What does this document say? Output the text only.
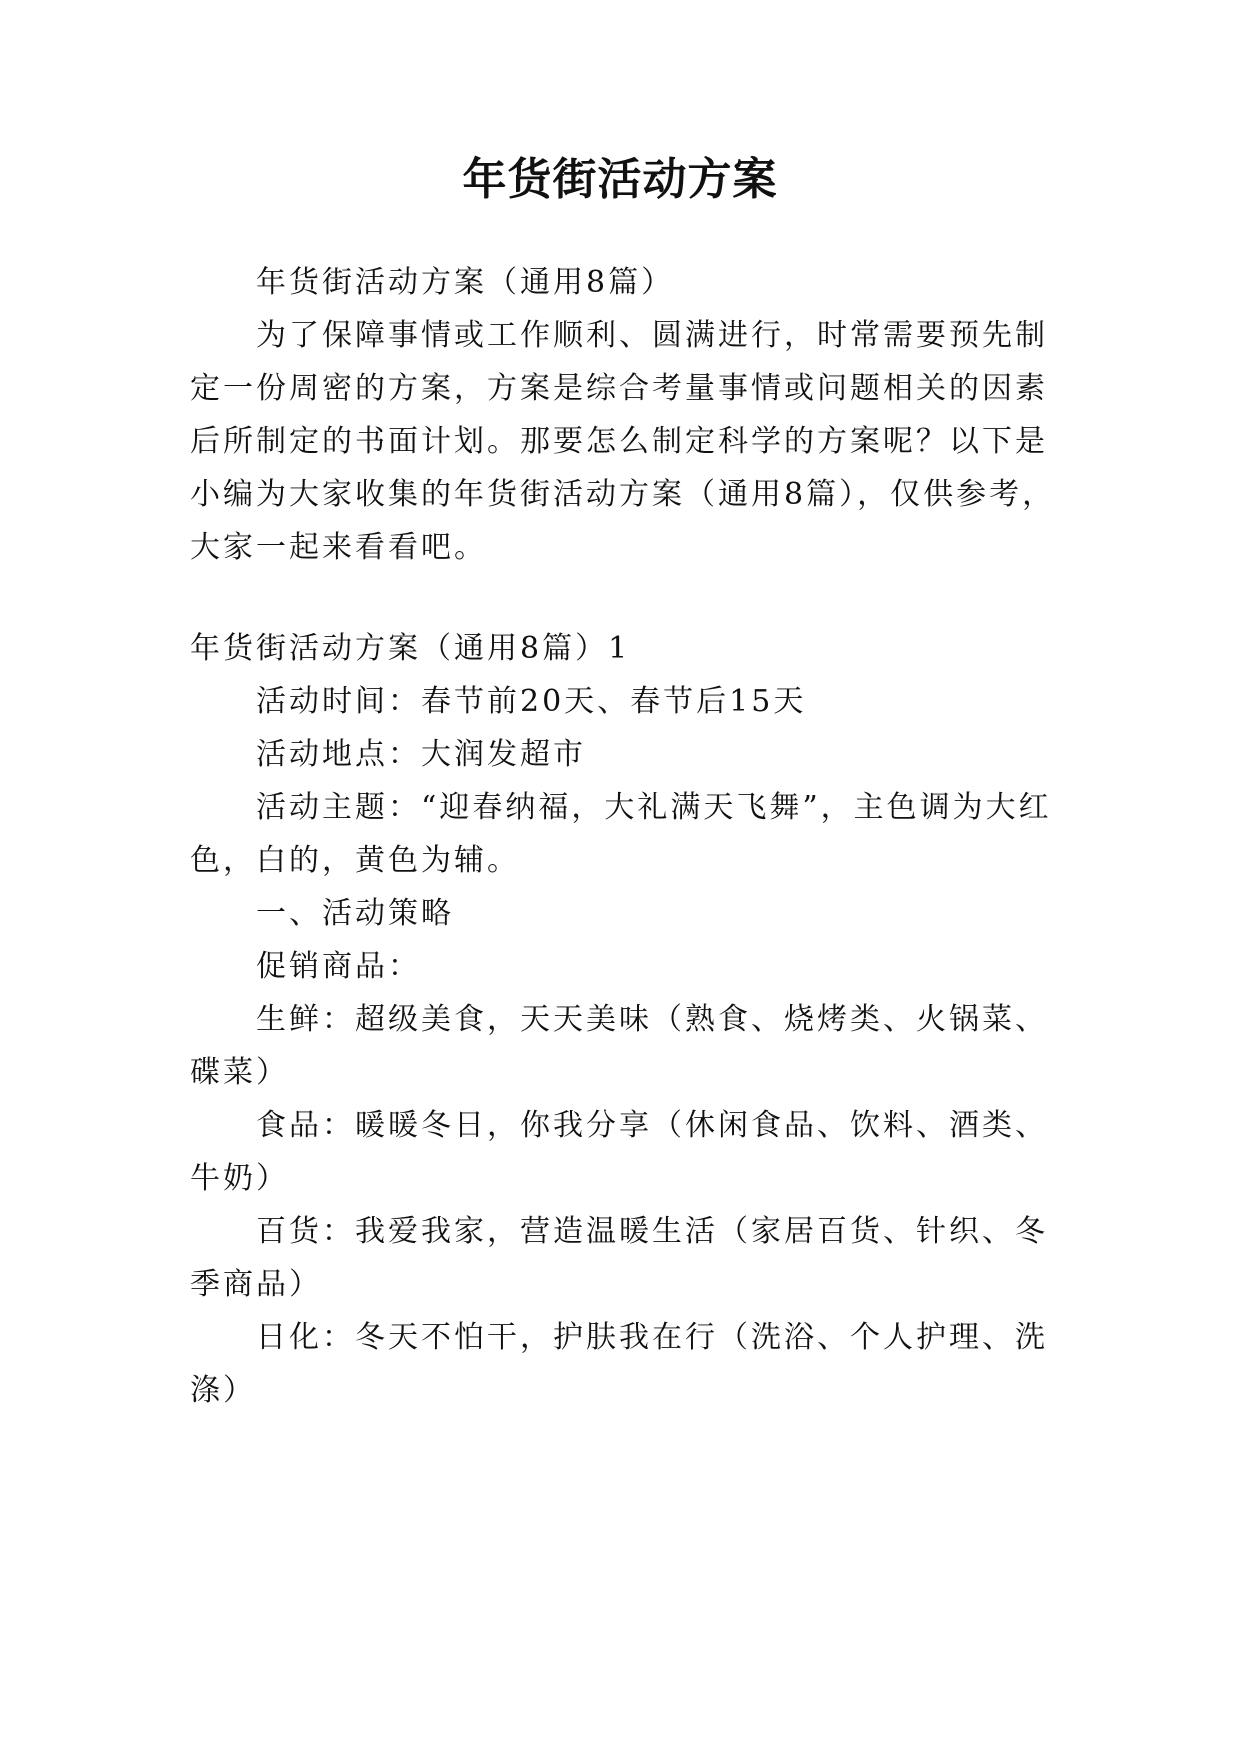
年货街活动方案
年货街活动方案（通用8篇）
为了保障事情或工作顺利、圆满进行，时常需要预先制
定一份周密的方案，方案是综合考量事情或问题相关的因素
后所制定的书面计划。那要怎么制定科学的方案呢？以下是
小编为大家收集的年货街活动方案（通用8篇），仅供参考，
大家一起来看看吧。
年货街活动方案（通用8篇）1
活动时间：春节前20天、春节后15天
活动地点：大润发超市
活动主题：“迎春纳福，大礼满天飞舞”，主色调为大红
色，白的，黄色为辅。
一、活动策略
促销商品：
生鲜：超级美食，天天美味（熟食、烧烤类、火锅菜、
碟菜）
食品：暖暖冬日，你我分享（休闲食品、饮料、酒类、
牛奶）
百货：我爱我家，营造温暖生活（家居百货、针织、冬
季商品）
日化：冬天不怕干，护肤我在行（洗浴、个人护理、洗
涤）
